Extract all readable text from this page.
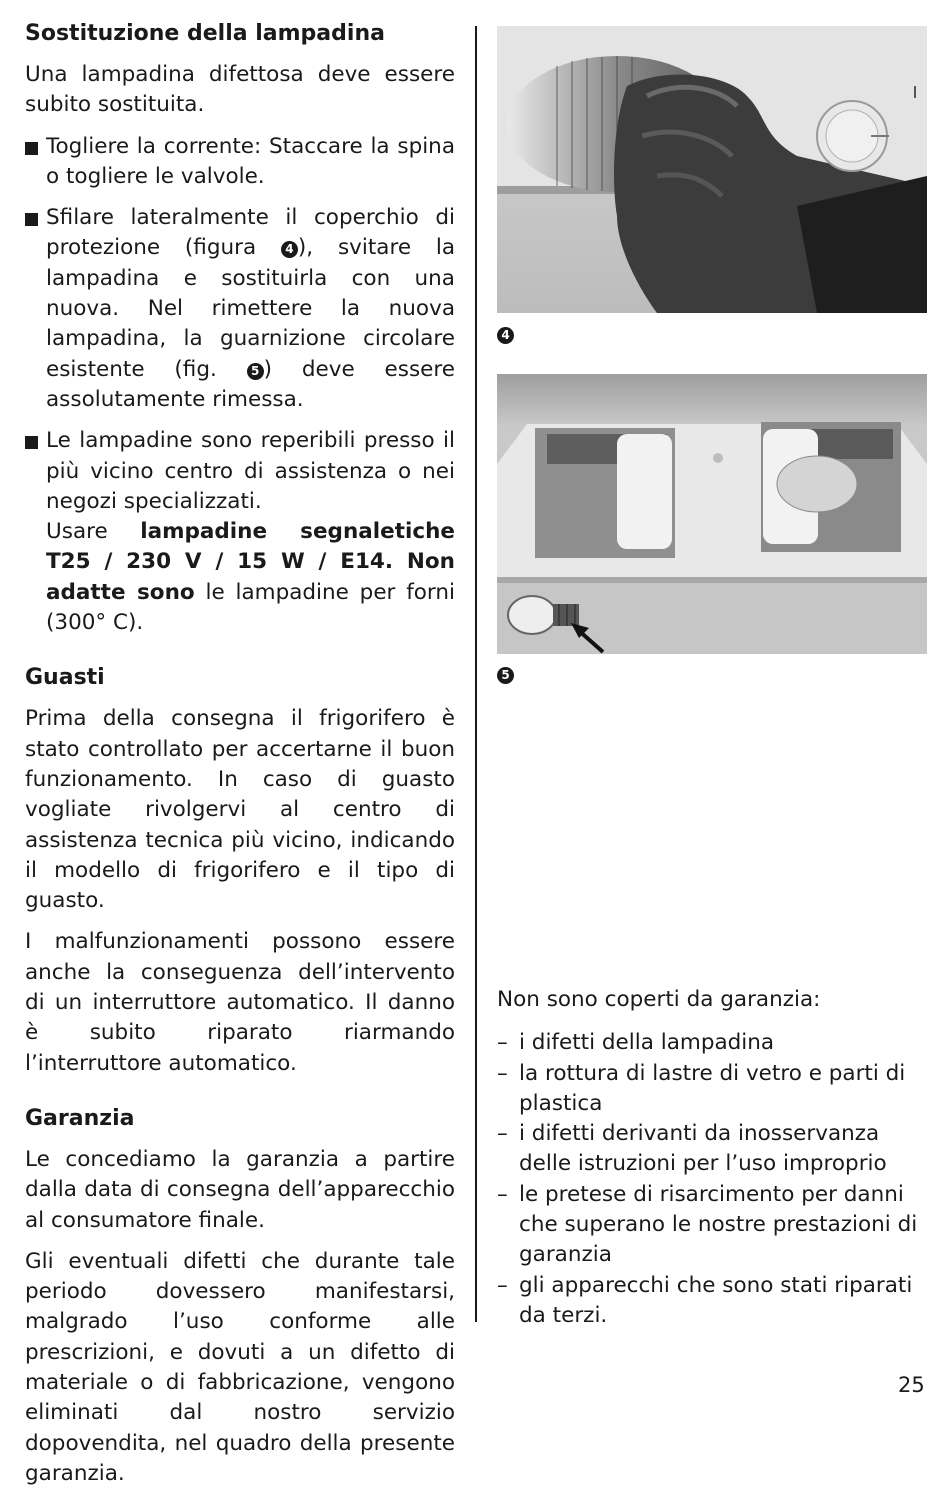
Sostituzione della lampadina

Una lampadina difettosa deve essere subito sostituita.

Togliere la corrente: Staccare la spina o togliere le valvole.
Sfilare lateralmente il coperchio di protezione (figura 4 ), svitare la lampadina e sostituirla con una nuova. Nel rimettere la nuova lampadina, la guarnizione circolare esistente (fig. 5 ) deve essere assolutamente rimessa.
Le lampadine sono reperibili presso il più vicino centro di assistenza o nei negozi specializzati.
Usare lampadine segnaletiche T25 / 230 V / 15 W / E14. Non adatte sono le lampadine per forni (300° C).
Guasti

Prima della consegna il frigorifero è stato controllato per accertarne il buon funzionamento. In caso di guasto vogliate rivolgervi al centro di assistenza tecnica più vicino, indicando il modello di frigorifero e il tipo di guasto.

I malfunzionamenti possono essere anche la conseguenza dell’intervento di un interruttore automatico. Il danno è subito riparato riarmando l’interruttore automatico.

Garanzia

Le concediamo la garanzia a partire dalla data di consegna dell’apparecchio al consumatore finale.

Gli eventuali difetti che durante tale periodo dovessero manifestarsi, malgrado l’uso conforme alle prescrizioni, e dovuti a un difetto di materiale o di fabbricazione, vengono eliminati dal nostro servizio dopovendita, nel quadro della presente garanzia.

4
5

Non sono coperti da garanzia:

– i difetti della lampadina
– la rottura di lastre di vetro e parti di plastica
– i difetti derivanti da inosservanza delle istruzioni per l’uso improprio
– le pretese di risarcimento per danni che superano le nostre prestazioni di garanzia
– gli apparecchi che sono stati riparati da terzi.
25
